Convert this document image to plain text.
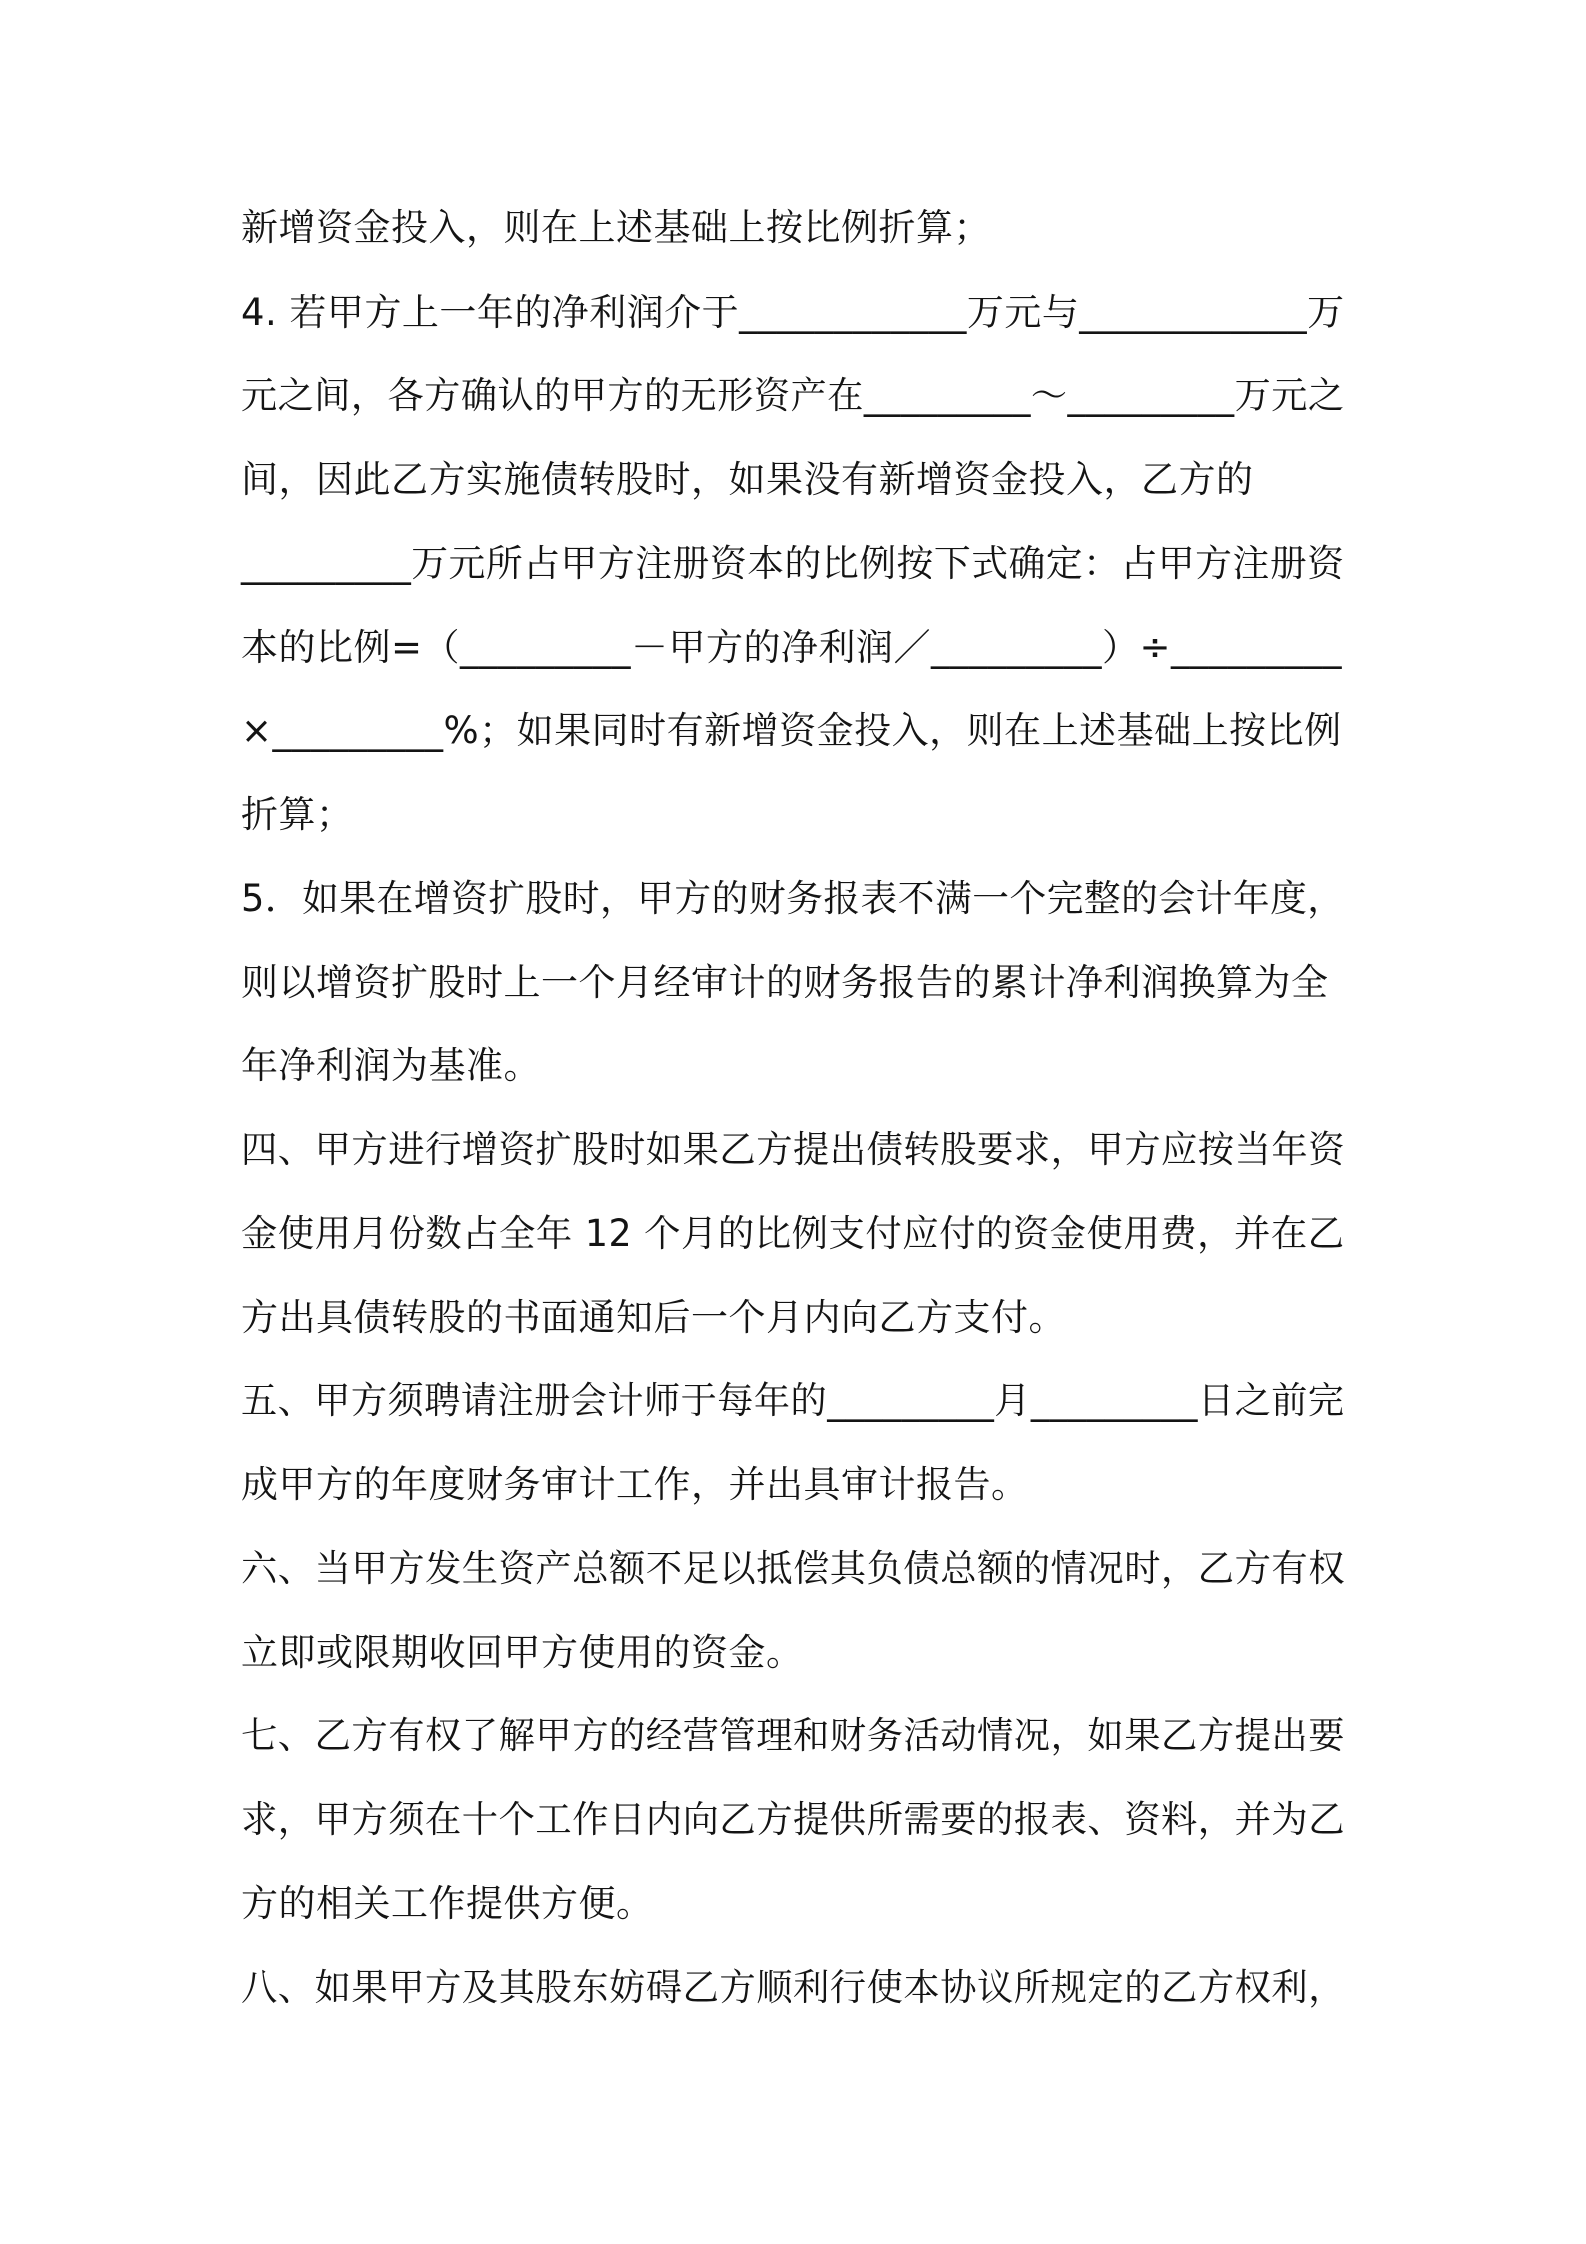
新增资金投入，则在上述基础上按比例折算；
4. 若甲方上一年的净利润介于____________万元与____________万
元之间，各方确认的甲方的无形资产在_________～_________万元之
间，因此乙方实施债转股时，如果没有新增资金投入，乙方的
_________万元所占甲方注册资本的比例按下式确定：占甲方注册资
本的比例=（_________－甲方的净利润／_________）÷_________
×_________%；如果同时有新增资金投入，则在上述基础上按比例
折算；
5．如果在增资扩股时，甲方的财务报表不满一个完整的会计年度，
则以增资扩股时上一个月经审计的财务报告的累计净利润换算为全
年净利润为基准。
四、甲方进行增资扩股时如果乙方提出债转股要求，甲方应按当年资
金使用月份数占全年 12 个月的比例支付应付的资金使用费，并在乙
方出具债转股的书面通知后一个月内向乙方支付。
五、甲方须聘请注册会计师于每年的_________月_________日之前完
成甲方的年度财务审计工作，并出具审计报告。
六、当甲方发生资产总额不足以抵偿其负债总额的情况时，乙方有权
立即或限期收回甲方使用的资金。
七、乙方有权了解甲方的经营管理和财务活动情况，如果乙方提出要
求，甲方须在十个工作日内向乙方提供所需要的报表、资料，并为乙
方的相关工作提供方便。
八、如果甲方及其股东妨碍乙方顺利行使本协议所规定的乙方权利，
